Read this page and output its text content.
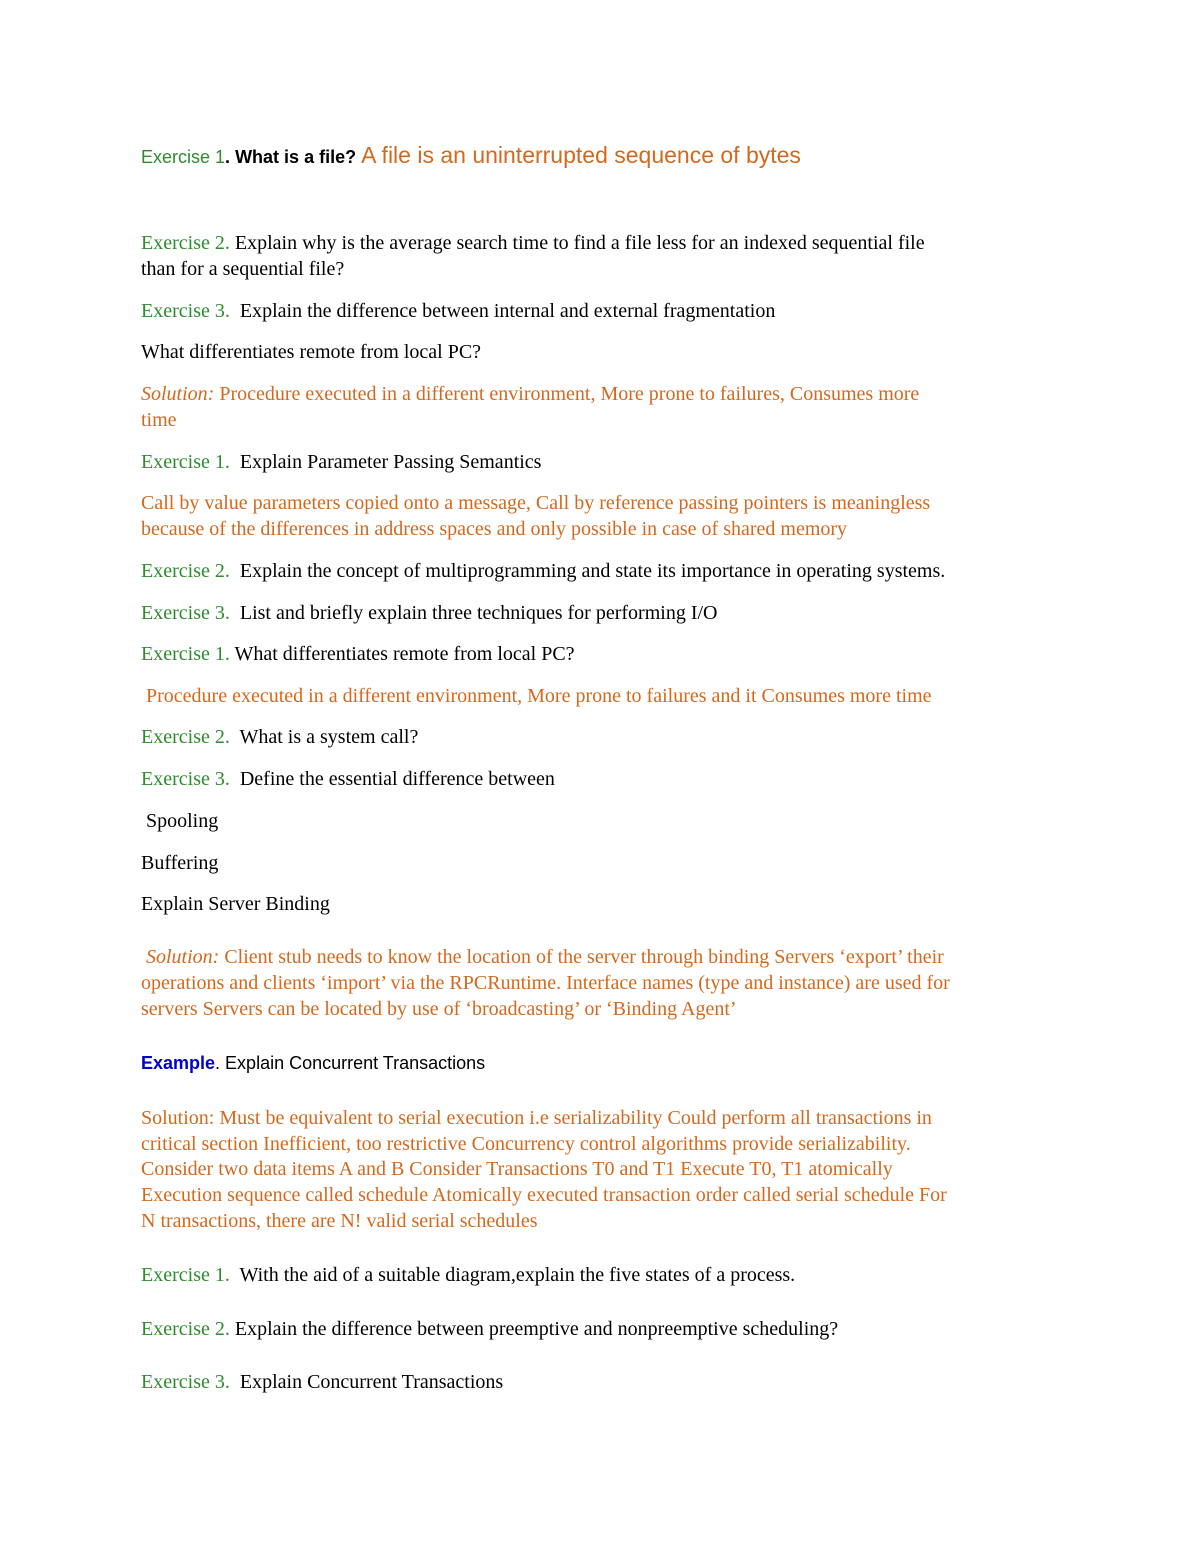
Exercise 1. What is a file? A file is an uninterrupted sequence of bytes
Exercise 2. Explain why is the average search time to find a file less for an indexed sequential file
than for a sequential file?
Exercise 3. Explain the difference between internal and external fragmentation
What differentiates remote from local PC?
Solution: Procedure executed in a different environment, More prone to failures, Consumes more
time
Exercise 1. Explain Parameter Passing Semantics
Call by value parameters copied onto a message, Call by reference passing pointers is meaningless
because of the differences in address spaces and only possible in case of shared memory
Exercise 2. Explain the concept of multiprogramming and state its importance in operating systems.
Exercise 3. List and briefly explain three techniques for performing I/O
Exercise 1. What differentiates remote from local PC?
Procedure executed in a different environment, More prone to failures and it Consumes more time
Exercise 2. What is a system call?
Exercise 3. Define the essential difference between
Spooling
Buffering
Explain Server Binding
Solution: Client stub needs to know the location of the server through binding Servers ‘export’ their
operations and clients ‘import’ via the RPCRuntime. Interface names (type and instance) are used for
servers Servers can be located by use of ‘broadcasting’ or ‘Binding Agent’
Example. Explain Concurrent Transactions
Solution: Must be equivalent to serial execution i.e serializability Could perform all transactions in
critical section Inefficient, too restrictive Concurrency control algorithms provide serializability.
Consider two data items A and B Consider Transactions T0 and T1 Execute T0, T1 atomically
Execution sequence called schedule Atomically executed transaction order called serial schedule For
N transactions, there are N! valid serial schedules
Exercise 1. With the aid of a suitable diagram,explain the five states of a process.
Exercise 2. Explain the difference between preemptive and nonpreemptive scheduling?
Exercise 3. Explain Concurrent Transactions
